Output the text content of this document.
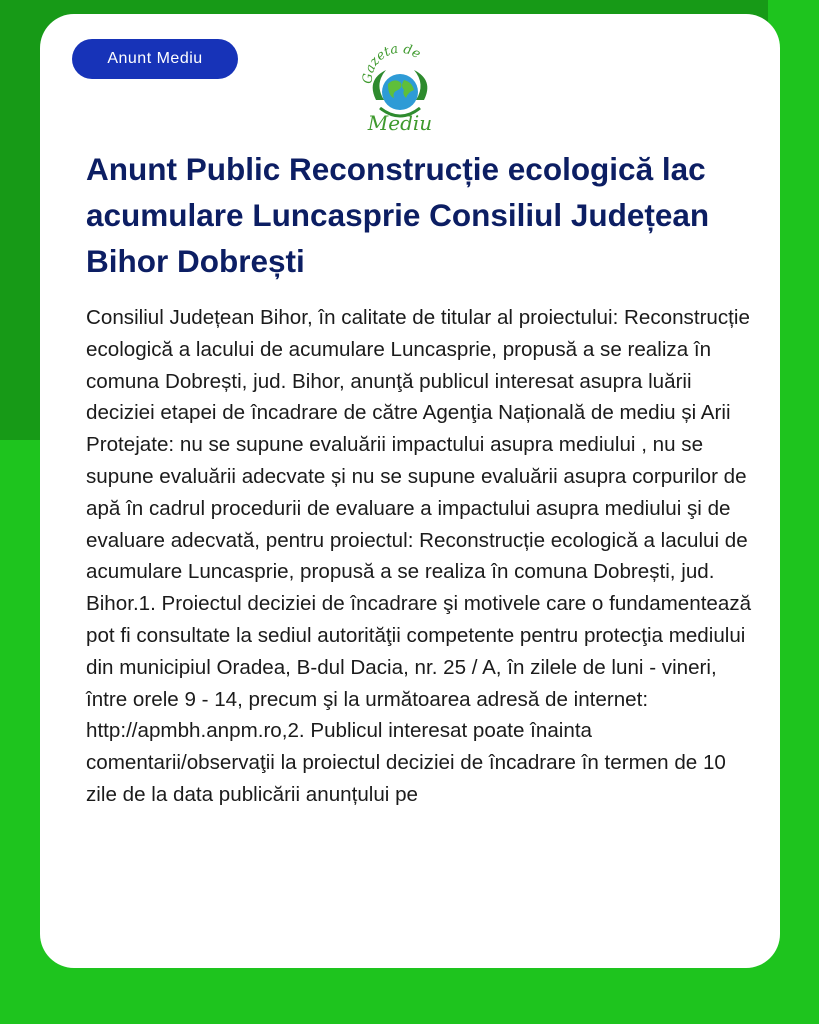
Anunt Mediu
Gazeta de
Mediu
Anunt Public Reconstrucție ecologică lac acumulare Luncasprie Consiliul Județean Bihor Dobrești

Consiliul Județean Bihor, în calitate de titular al proiectului: Reconstrucție ecologică a lacului de acumulare Luncasprie, propusă a se realiza în comuna Dobrești, jud. Bihor, anunţă publicul interesat asupra luării deciziei etapei de încadrare de către Agenţia Națională de mediu și Arii Protejate: nu se supune evaluării impactului asupra mediului , nu se supune evaluării adecvate și nu se supune evaluării asupra corpurilor de apă în cadrul procedurii de evaluare a impactului asupra mediului şi de evaluare adecvată, pentru proiectul: Reconstrucție ecologică a lacului de acumulare Luncasprie, propusă a se realiza în comuna Dobrești, jud. Bihor.1. Proiectul deciziei de încadrare şi motivele care o fundamentează pot fi consultate la sediul autorităţii competente pentru protecţia mediului din municipiul Oradea, B-dul Dacia, nr. 25 / A, în zilele de luni - vineri, între orele 9 - 14, precum şi la următoarea adresă de internet: http://apmbh.anpm.ro,2. Publicul interesat poate înainta comentarii/observaţii la proiectul deciziei de încadrare în termen de 10 zile de la data publicării anunțului pe
